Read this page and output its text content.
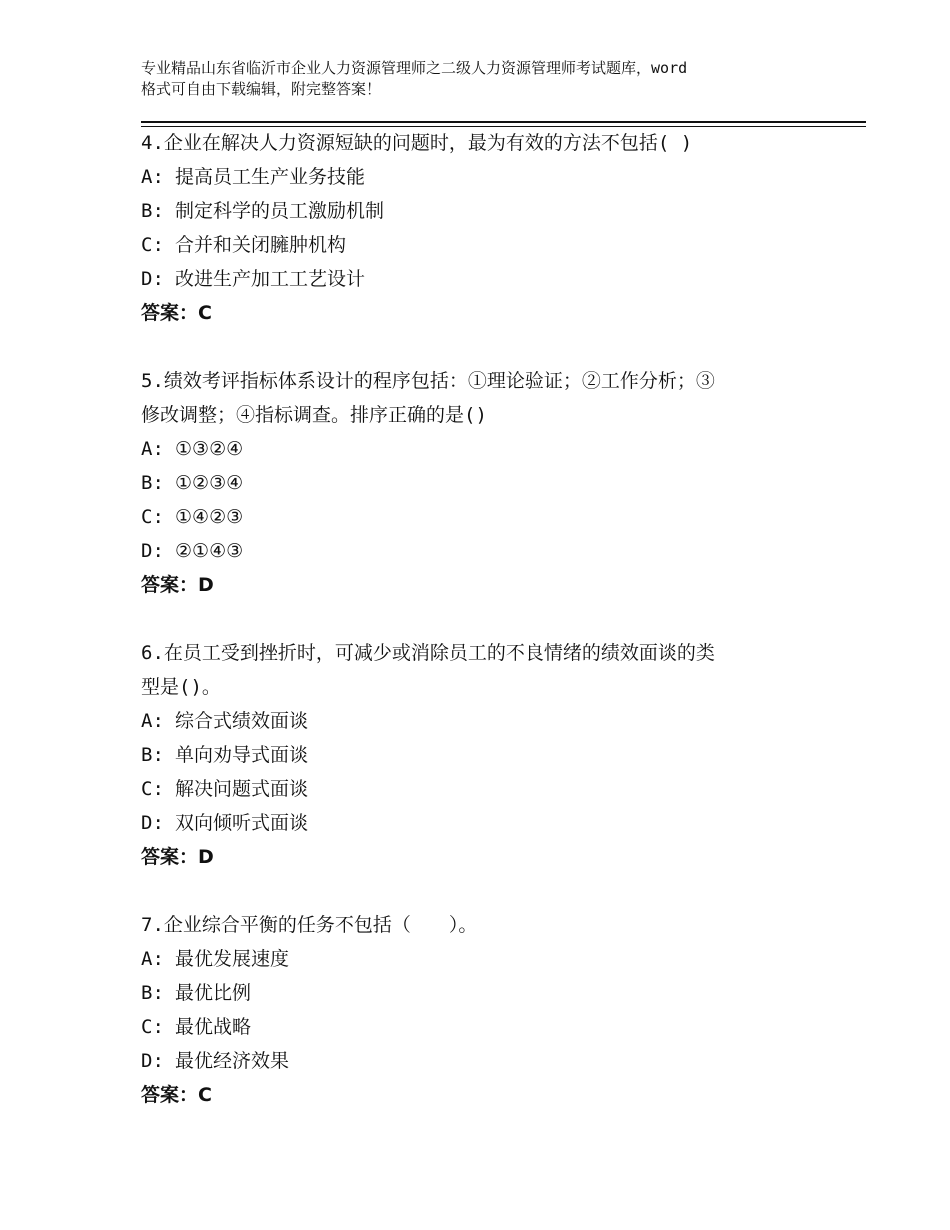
专业精品山东省临沂市企业人力资源管理师之二级人力资源管理师考试题库，word
格式可自由下载编辑，附完整答案！
4.企业在解决人力资源短缺的问题时，最为有效的方法不包括( )
A: 提高员工生产业务技能
B: 制定科学的员工激励机制
C: 合并和关闭臃肿机构
D: 改进生产加工工艺设计
答案：C
5.绩效考评指标体系设计的程序包括：①理论验证；②工作分析；③
修改调整；④指标调查。排序正确的是()
A: ①③②④
B: ①②③④
C: ①④②③
D: ②①④③
答案：D
6.在员工受到挫折时，可减少或消除员工的不良情绪的绩效面谈的类
型是()。
A: 综合式绩效面谈
B: 单向劝导式面谈
C: 解决问题式面谈
D: 双向倾听式面谈
答案：D
7.企业综合平衡的任务不包括（　　）。
A: 最优发展速度
B: 最优比例
C: 最优战略
D: 最优经济效果
答案：C
